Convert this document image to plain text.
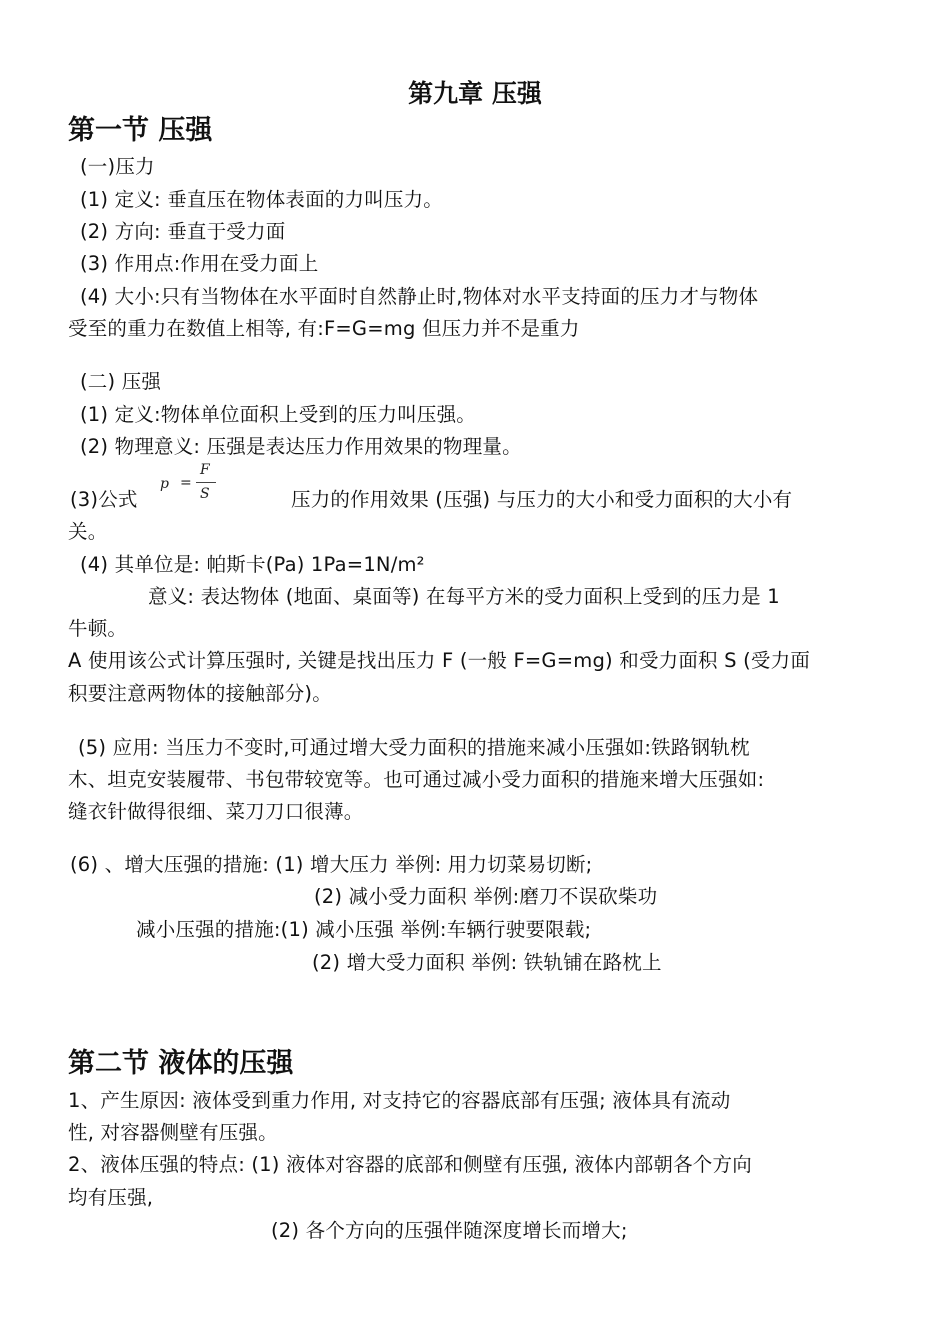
第九章 压强
第一节 压强
(一)压力
(1) 定义: 垂直压在物体表面的力叫压力。
(2) 方向: 垂直于受力面
(3) 作用点:作用在受力面上
(4) 大小:只有当物体在水平面时自然静止时,物体对水平支持面的压力才与物体
受至的重力在数值上相等, 有:F=G=mg 但压力并不是重力
(二) 压强
(1) 定义:物体单位面积上受到的压力叫压强。
(2) 物理意义: 压强是表达压力作用效果的物理量。
(3)公式
p =
F
S	压力的作用效果 (压强) 与压力的大小和受力面积的大小有
关。
(4) 其单位是: 帕斯卡(Pa) 1Pa=1N/m²
意义: 表达物体 (地面、桌面等) 在每平方米的受力面积上受到的压力是 1
牛顿。
A 使用该公式计算压强时, 关键是找出压力 F (一般 F=G=mg) 和受力面积 S (受力面
积要注意两物体的接触部分)。
(5) 应用: 当压力不变时,可通过增大受力面积的措施来减小压强如:铁路钢轨枕
木、坦克安装履带、书包带较宽等。也可通过减小受力面积的措施来增大压强如:
缝衣针做得很细、菜刀刀口很薄。
(6) 、增大压强的措施: (1) 增大压力 举例: 用力切菜易切断;
(2) 减小受力面积 举例:磨刀不误砍柴功
减小压强的措施:(1) 减小压强 举例:车辆行驶要限载;
(2) 增大受力面积 举例: 铁轨铺在路枕上
第二节 液体的压强
1、产生原因: 液体受到重力作用, 对支持它的容器底部有压强; 液体具有流动
性, 对容器侧壁有压强。
2、液体压强的特点: (1) 液体对容器的底部和侧壁有压强, 液体内部朝各个方向
均有压强,
(2) 各个方向的压强伴随深度增长而增大;
